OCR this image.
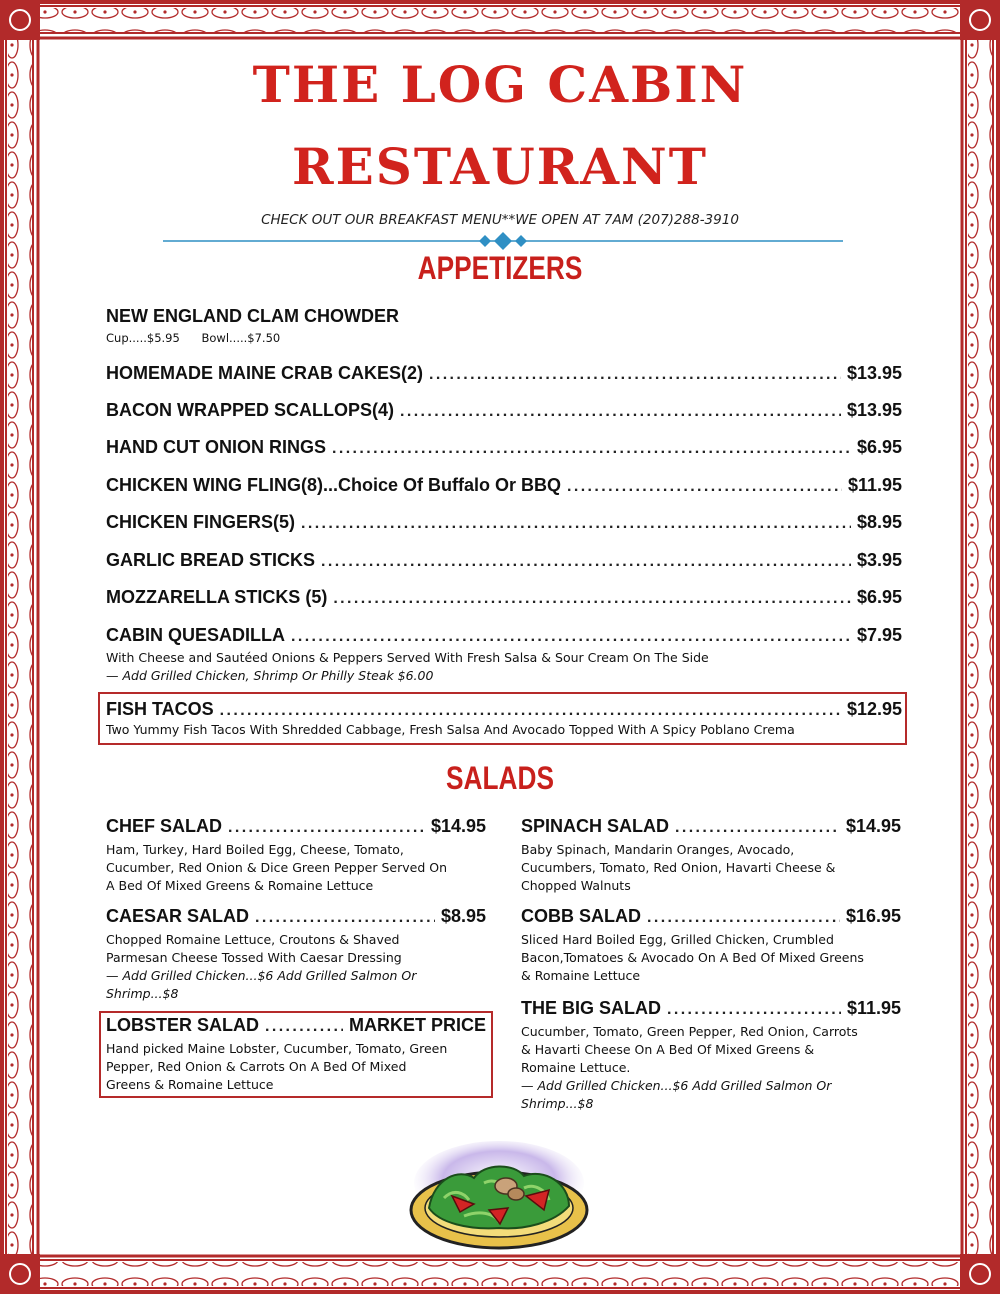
THE LOG CABIN
RESTAURANT
CHECK OUT OUR BREAKFAST MENU**WE OPEN AT 7AM (207)288-3910
APPETIZERS
NEW ENGLAND CLAM CHOWDER
Cup.....$5.95 Bowl.....$7.50
HOMEMADE MAINE CRAB CAKES(2) .....	$13.95
BACON WRAPPED SCALLOPS(4) .....	$13.95
HAND CUT ONION RINGS .....	$6.95
CHICKEN WING FLING(8)...Choice Of Buffalo Or BBQ .....	$11.95
CHICKEN FINGERS(5) .....	$8.95
GARLIC BREAD STICKS .....	$3.95
MOZZARELLA STICKS (5) .....	$6.95
CABIN QUESADILLA .....	$7.95
With Cheese and Sautéed Onions & Peppers Served With Fresh Salsa & Sour Cream On The Side
— Add Grilled Chicken, Shrimp Or Philly Steak $6.00
FISH TACOS .....	$12.95
Two Yummy Fish Tacos With Shredded Cabbage, Fresh Salsa And Avocado Topped With A Spicy Poblano Crema
SALADS
CHEF SALAD .....	$14.95
Ham, Turkey, Hard Boiled Egg, Cheese, Tomato,
Cucumber, Red Onion & Dice Green Pepper Served On
A Bed Of Mixed Greens & Romaine Lettuce
CAESAR SALAD .....	$8.95
Chopped Romaine Lettuce, Croutons & Shaved
Parmesan Cheese Tossed With Caesar Dressing
— Add Grilled Chicken...$6 Add Grilled Salmon Or
Shrimp...$8
LOBSTER SALAD .....	MARKET PRICE
Hand picked Maine Lobster, Cucumber, Tomato, Green
Pepper, Red Onion & Carrots On A Bed Of Mixed
Greens & Romaine Lettuce
SPINACH SALAD .....	$14.95
Baby Spinach, Mandarin Oranges, Avocado,
Cucumbers, Tomato, Red Onion, Havarti Cheese &
Chopped Walnuts
COBB SALAD .....	$16.95
Sliced Hard Boiled Egg, Grilled Chicken, Crumbled
Bacon,Tomatoes & Avocado On A Bed Of Mixed Greens
& Romaine Lettuce
THE BIG SALAD .....	$11.95
Cucumber, Tomato, Green Pepper, Red Onion, Carrots
& Havarti Cheese On A Bed Of Mixed Greens &
Romaine Lettuce.
— Add Grilled Chicken...$6 Add Grilled Salmon Or
Shrimp...$8
